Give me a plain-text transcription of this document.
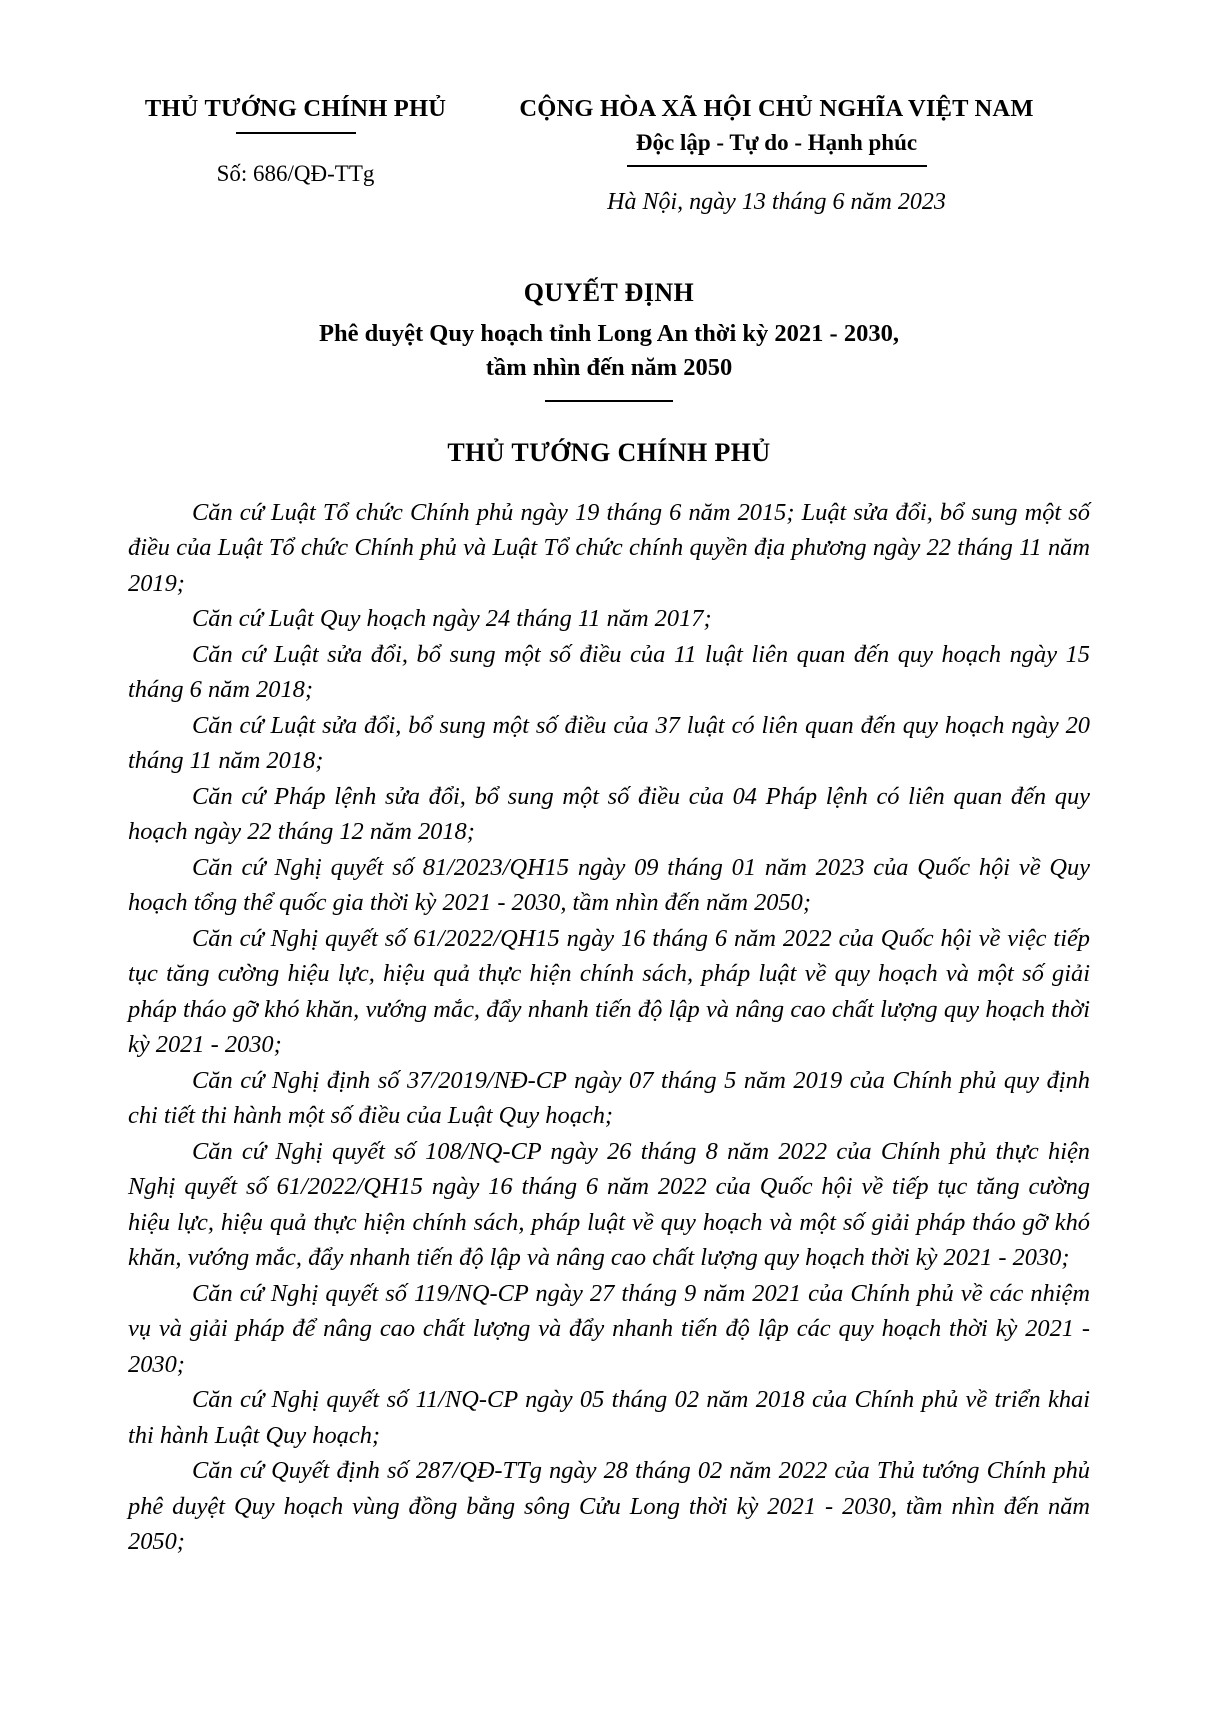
THỦ TƯỚNG CHÍNH PHỦ
Số: 686/QĐ-TTg
CỘNG HÒA XÃ HỘI CHỦ NGHĨA VIỆT NAM
Độc lập - Tự do - Hạnh phúc
Hà Nội, ngày 13 tháng 6 năm 2023
QUYẾT ĐỊNH
Phê duyệt Quy hoạch tỉnh Long An thời kỳ 2021 - 2030,
tầm nhìn đến năm 2050
THỦ TƯỚNG CHÍNH PHỦ

Căn cứ Luật Tổ chức Chính phủ ngày 19 tháng 6 năm 2015; Luật sửa đổi, bổ sung một số điều của Luật Tổ chức Chính phủ và Luật Tổ chức chính quyền địa phương ngày 22 tháng 11 năm 2019;

Căn cứ Luật Quy hoạch ngày 24 tháng 11 năm 2017;

Căn cứ Luật sửa đổi, bổ sung một số điều của 11 luật liên quan đến quy hoạch ngày 15 tháng 6 năm 2018;

Căn cứ Luật sửa đổi, bổ sung một số điều của 37 luật có liên quan đến quy hoạch ngày 20 tháng 11 năm 2018;

Căn cứ Pháp lệnh sửa đổi, bổ sung một số điều của 04 Pháp lệnh có liên quan đến quy hoạch ngày 22 tháng 12 năm 2018;

Căn cứ Nghị quyết số 81/2023/QH15 ngày 09 tháng 01 năm 2023 của Quốc hội về Quy hoạch tổng thể quốc gia thời kỳ 2021 - 2030, tầm nhìn đến năm 2050;

Căn cứ Nghị quyết số 61/2022/QH15 ngày 16 tháng 6 năm 2022 của Quốc hội về việc tiếp tục tăng cường hiệu lực, hiệu quả thực hiện chính sách, pháp luật về quy hoạch và một số giải pháp tháo gỡ khó khăn, vướng mắc, đẩy nhanh tiến độ lập và nâng cao chất lượng quy hoạch thời kỳ 2021 - 2030;

Căn cứ Nghị định số 37/2019/NĐ-CP ngày 07 tháng 5 năm 2019 của Chính phủ quy định chi tiết thi hành một số điều của Luật Quy hoạch;

Căn cứ Nghị quyết số 108/NQ-CP ngày 26 tháng 8 năm 2022 của Chính phủ thực hiện Nghị quyết số 61/2022/QH15 ngày 16 tháng 6 năm 2022 của Quốc hội về tiếp tục tăng cường hiệu lực, hiệu quả thực hiện chính sách, pháp luật về quy hoạch và một số giải pháp tháo gỡ khó khăn, vướng mắc, đẩy nhanh tiến độ lập và nâng cao chất lượng quy hoạch thời kỳ 2021 - 2030;

Căn cứ Nghị quyết số 119/NQ-CP ngày 27 tháng 9 năm 2021 của Chính phủ về các nhiệm vụ và giải pháp để nâng cao chất lượng và đẩy nhanh tiến độ lập các quy hoạch thời kỳ 2021 - 2030;

Căn cứ Nghị quyết số 11/NQ-CP ngày 05 tháng 02 năm 2018 của Chính phủ về triển khai thi hành Luật Quy hoạch;

Căn cứ Quyết định số 287/QĐ-TTg ngày 28 tháng 02 năm 2022 của Thủ tướng Chính phủ phê duyệt Quy hoạch vùng đồng bằng sông Cửu Long thời kỳ 2021 - 2030, tầm nhìn đến năm 2050;
